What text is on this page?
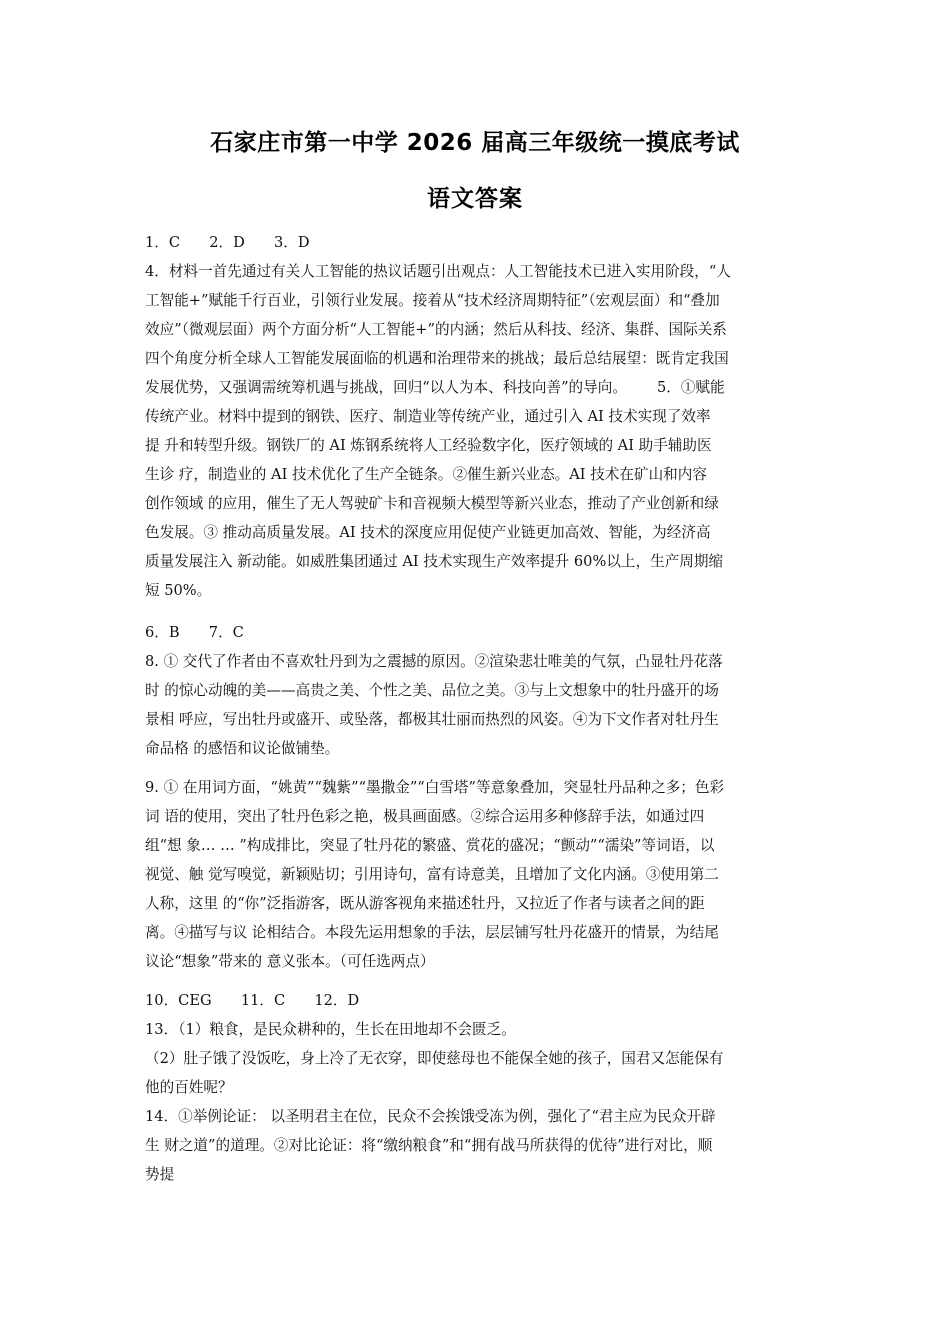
石家庄市第一中学 2026 届高三年级统一摸底考试
语文答案
1．C　　2．D　　3．D
4．材料一首先通过有关人工智能的热议话题引出观点：人工智能技术已进入实用阶段，“人
工智能+”赋能千行百业，引领行业发展。接着从“技术经济周期特征”（宏观层面）和“叠加
效应”（微观层面）两个方面分析“人工智能+”的内涵；然后从科技、经济、集群、国际关系
四个角度分析全球人工智能发展面临的机遇和治理带来的挑战；最后总结展望：既肯定我国
发展优势，又强调需统筹机遇与挑战，回归“以人为本、科技向善”的导向。 5．①赋能
传统产业。材料中提到的钢铁、医疗、制造业等传统产业，通过引入 AI 技术实现了效率
提 升和转型升级。钢铁厂的 AI 炼钢系统将人工经验数字化，医疗领域的 AI 助手辅助医
生诊 疗，制造业的 AI 技术优化了生产全链条。②催生新兴业态。AI 技术在矿山和内容
创作领域 的应用，催生了无人驾驶矿卡和音视频大模型等新兴业态，推动了产业创新和绿
色发展。③ 推动高质量发展。AI 技术的深度应用促使产业链更加高效、智能，为经济高
质量发展注入 新动能。如威胜集团通过 AI 技术实现生产效率提升 60%以上，生产周期缩
短 50%。
6．B　　7．C
8. ① 交代了作者由不喜欢牡丹到为之震撼的原因。②渲染悲壮唯美的气氛，凸显牡丹花落
时 的惊心动魄的美——高贵之美、个性之美、品位之美。③与上文想象中的牡丹盛开的场
景相 呼应，写出牡丹或盛开、或坠落，都极其壮丽而热烈的风姿。④为下文作者对牡丹生
命品格 的感悟和议论做铺垫。
9. ① 在用词方面，“姚黄”“魏紫”“墨撒金”“白雪塔”等意象叠加，突显牡丹品种之多；色彩
词 语的使用，突出了牡丹色彩之艳，极具画面感。②综合运用多种修辞手法，如通过四
组“想 象… … ”构成排比，突显了牡丹花的繁盛、赏花的盛况；“颤动”“濡染”等词语，以
视觉、触 觉写嗅觉，新颖贴切；引用诗句，富有诗意美，且增加了文化内涵。③使用第二
人称，这里 的“你”泛指游客，既从游客视角来描述牡丹，又拉近了作者与读者之间的距
离。④描写与议 论相结合。本段先运用想象的手法，层层铺写牡丹花盛开的情景，为结尾
议论“想象”带来的 意义张本。（可任选两点）
10．CEG　　11．C　　12．D
13．（1）粮食，是民众耕种的，生长在田地却不会匮乏。
（2）肚子饿了没饭吃，身上冷了无衣穿，即使慈母也不能保全她的孩子，国君又怎能保有
他的百姓呢？
14．①举例论证： 以圣明君主在位，民众不会挨饿受冻为例，强化了“君主应为民众开辟
生 财之道”的道理。②对比论证：将“缴纳粮食”和“拥有战马所获得的优待”进行对比，顺
势提
